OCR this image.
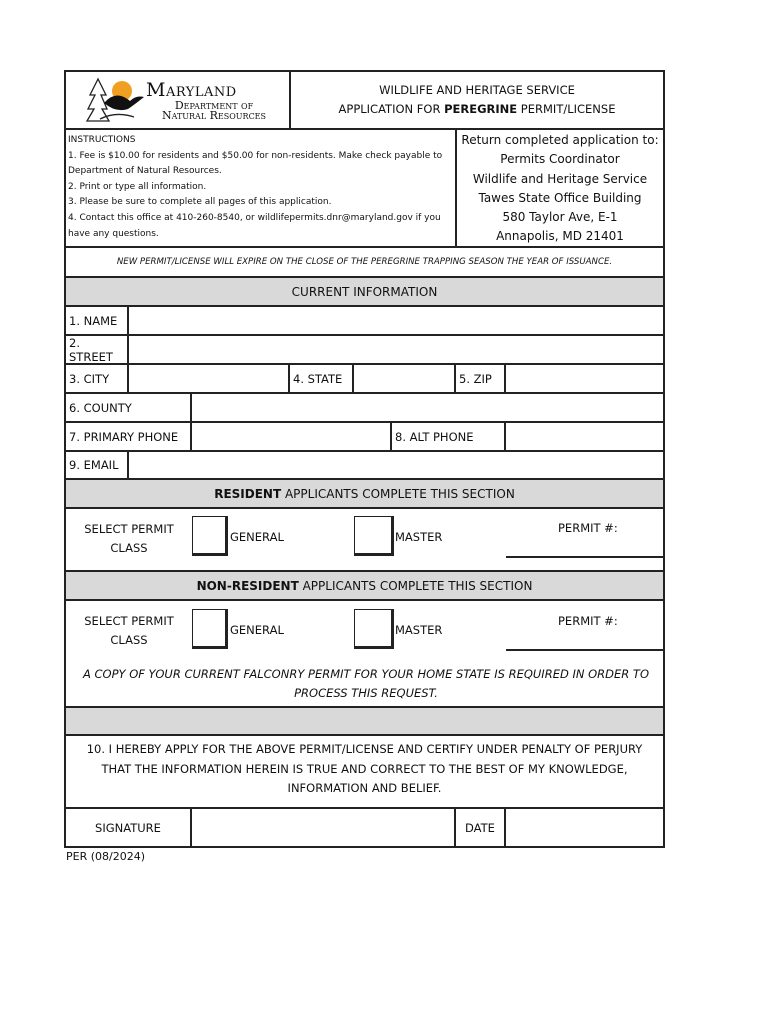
Maryland
Department of
Natural Resources
WILDLIFE AND HERITAGE SERVICE
APPLICATION FOR PEREGRINE PERMIT/LICENSE
INSTRUCTIONS
1. Fee is $10.00 for residents and $50.00 for non-residents. Make check payable to Department of Natural Resources.
2. Print or type all information.
3. Please be sure to complete all pages of this application.
4. Contact this office at 410-260-8540, or wildlifepermits.dnr@maryland.gov if you have any questions.
Return completed application to:
Permits Coordinator
Wildlife and Heritage Service
Tawes State Office Building
580 Taylor Ave, E-1
Annapolis, MD 21401
NEW PERMIT/LICENSE WILL EXPIRE ON THE CLOSE OF THE PEREGRINE TRAPPING SEASON THE YEAR OF ISSUANCE.
CURRENT INFORMATION
1. NAME
2. STREET
3. CITY	4. STATE	5. ZIP
6. COUNTY
7. PRIMARY PHONE	8. ALT PHONE
9. EMAIL
RESIDENT APPLICANTS COMPLETE THIS SECTION
SELECT PERMIT
CLASS
GENERAL	MASTER
PERMIT #:
NON-RESIDENT APPLICANTS COMPLETE THIS SECTION
SELECT PERMIT
CLASS
GENERAL	MASTER
PERMIT #:
A COPY OF YOUR CURRENT FALCONRY PERMIT FOR YOUR HOME STATE IS REQUIRED IN ORDER TO PROCESS THIS REQUEST.
10. I HEREBY APPLY FOR THE ABOVE PERMIT/LICENSE AND CERTIFY UNDER PENALTY OF PERJURY THAT THE INFORMATION HEREIN IS TRUE AND CORRECT TO THE BEST OF MY KNOWLEDGE, INFORMATION AND BELIEF.
SIGNATURE	DATE
PER (08/2024)
